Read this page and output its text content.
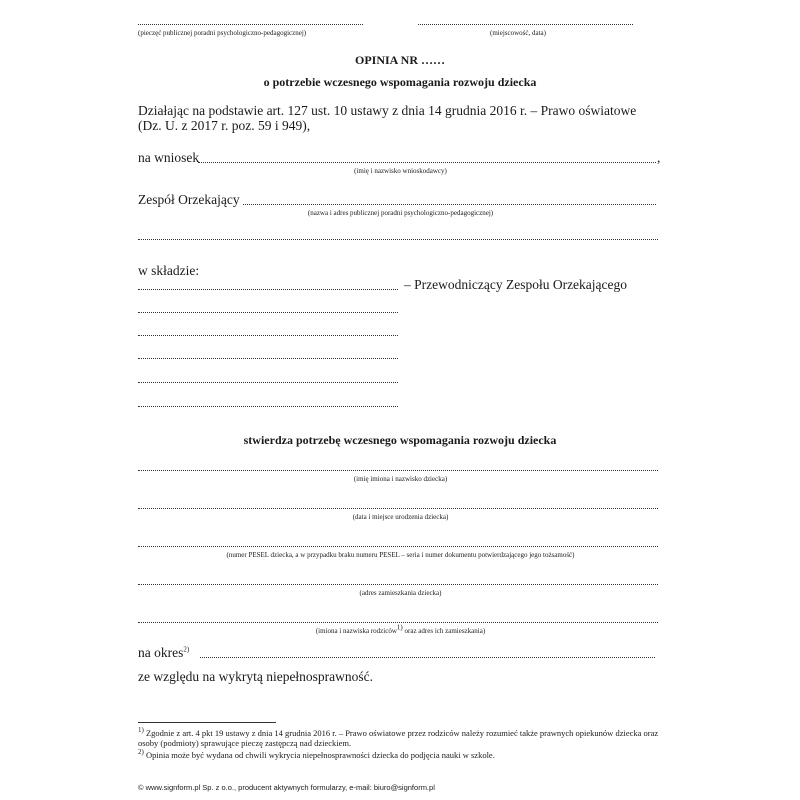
(pieczęć publicznej poradni psychologiczno-pedagogicznej)	(miejscowość, data)
OPINIA NR ……
o potrzebie wczesnego wspomagania rozwoju dziecka
Działając na podstawie art. 127 ust. 10 ustawy z dnia 14 grudnia 2016 r. – Prawo oświatowe (Dz. U. z 2017 r. poz. 59 i 949),
na wniosek	,
(imię i nazwisko wnioskodawcy)
Zespół Orzekający
(nazwa i adres publicznej poradni psychologiczno-pedagogicznej)
w składzie:
– Przewodniczący Zespołu Orzekającego
stwierdza potrzebę wczesnego wspomagania rozwoju dziecka
(imię imiona i nazwisko dziecka)
(data i miejsce urodzenia dziecka)
(numer PESEL dziecka, a w przypadku braku numeru PESEL – seria i numer dokumentu potwierdzającego jego tożsamość)
(adres zamieszkania dziecka)
(imiona i nazwiska rodziców$^{1)}$ oraz adres ich zamieszkania)
na okres$^{2)}$
ze względu na wykrytą niepełnosprawność.
$^{1)}$ Zgodnie z art. 4 pkt 19 ustawy z dnia 14 grudnia 2016 r. – Prawo oświatowe przez rodziców należy rozumieć także prawnych opiekunów dziecka oraz osoby (podmioty) sprawujące pieczę zastępczą nad dzieckiem.
$^{2)}$ Opinia może być wydana od chwili wykrycia niepełnosprawności dziecka do podjęcia nauki w szkole.
© www.signform.pl Sp. z o.o., producent aktywnych formularzy, e-mail: biuro@signform.pl
